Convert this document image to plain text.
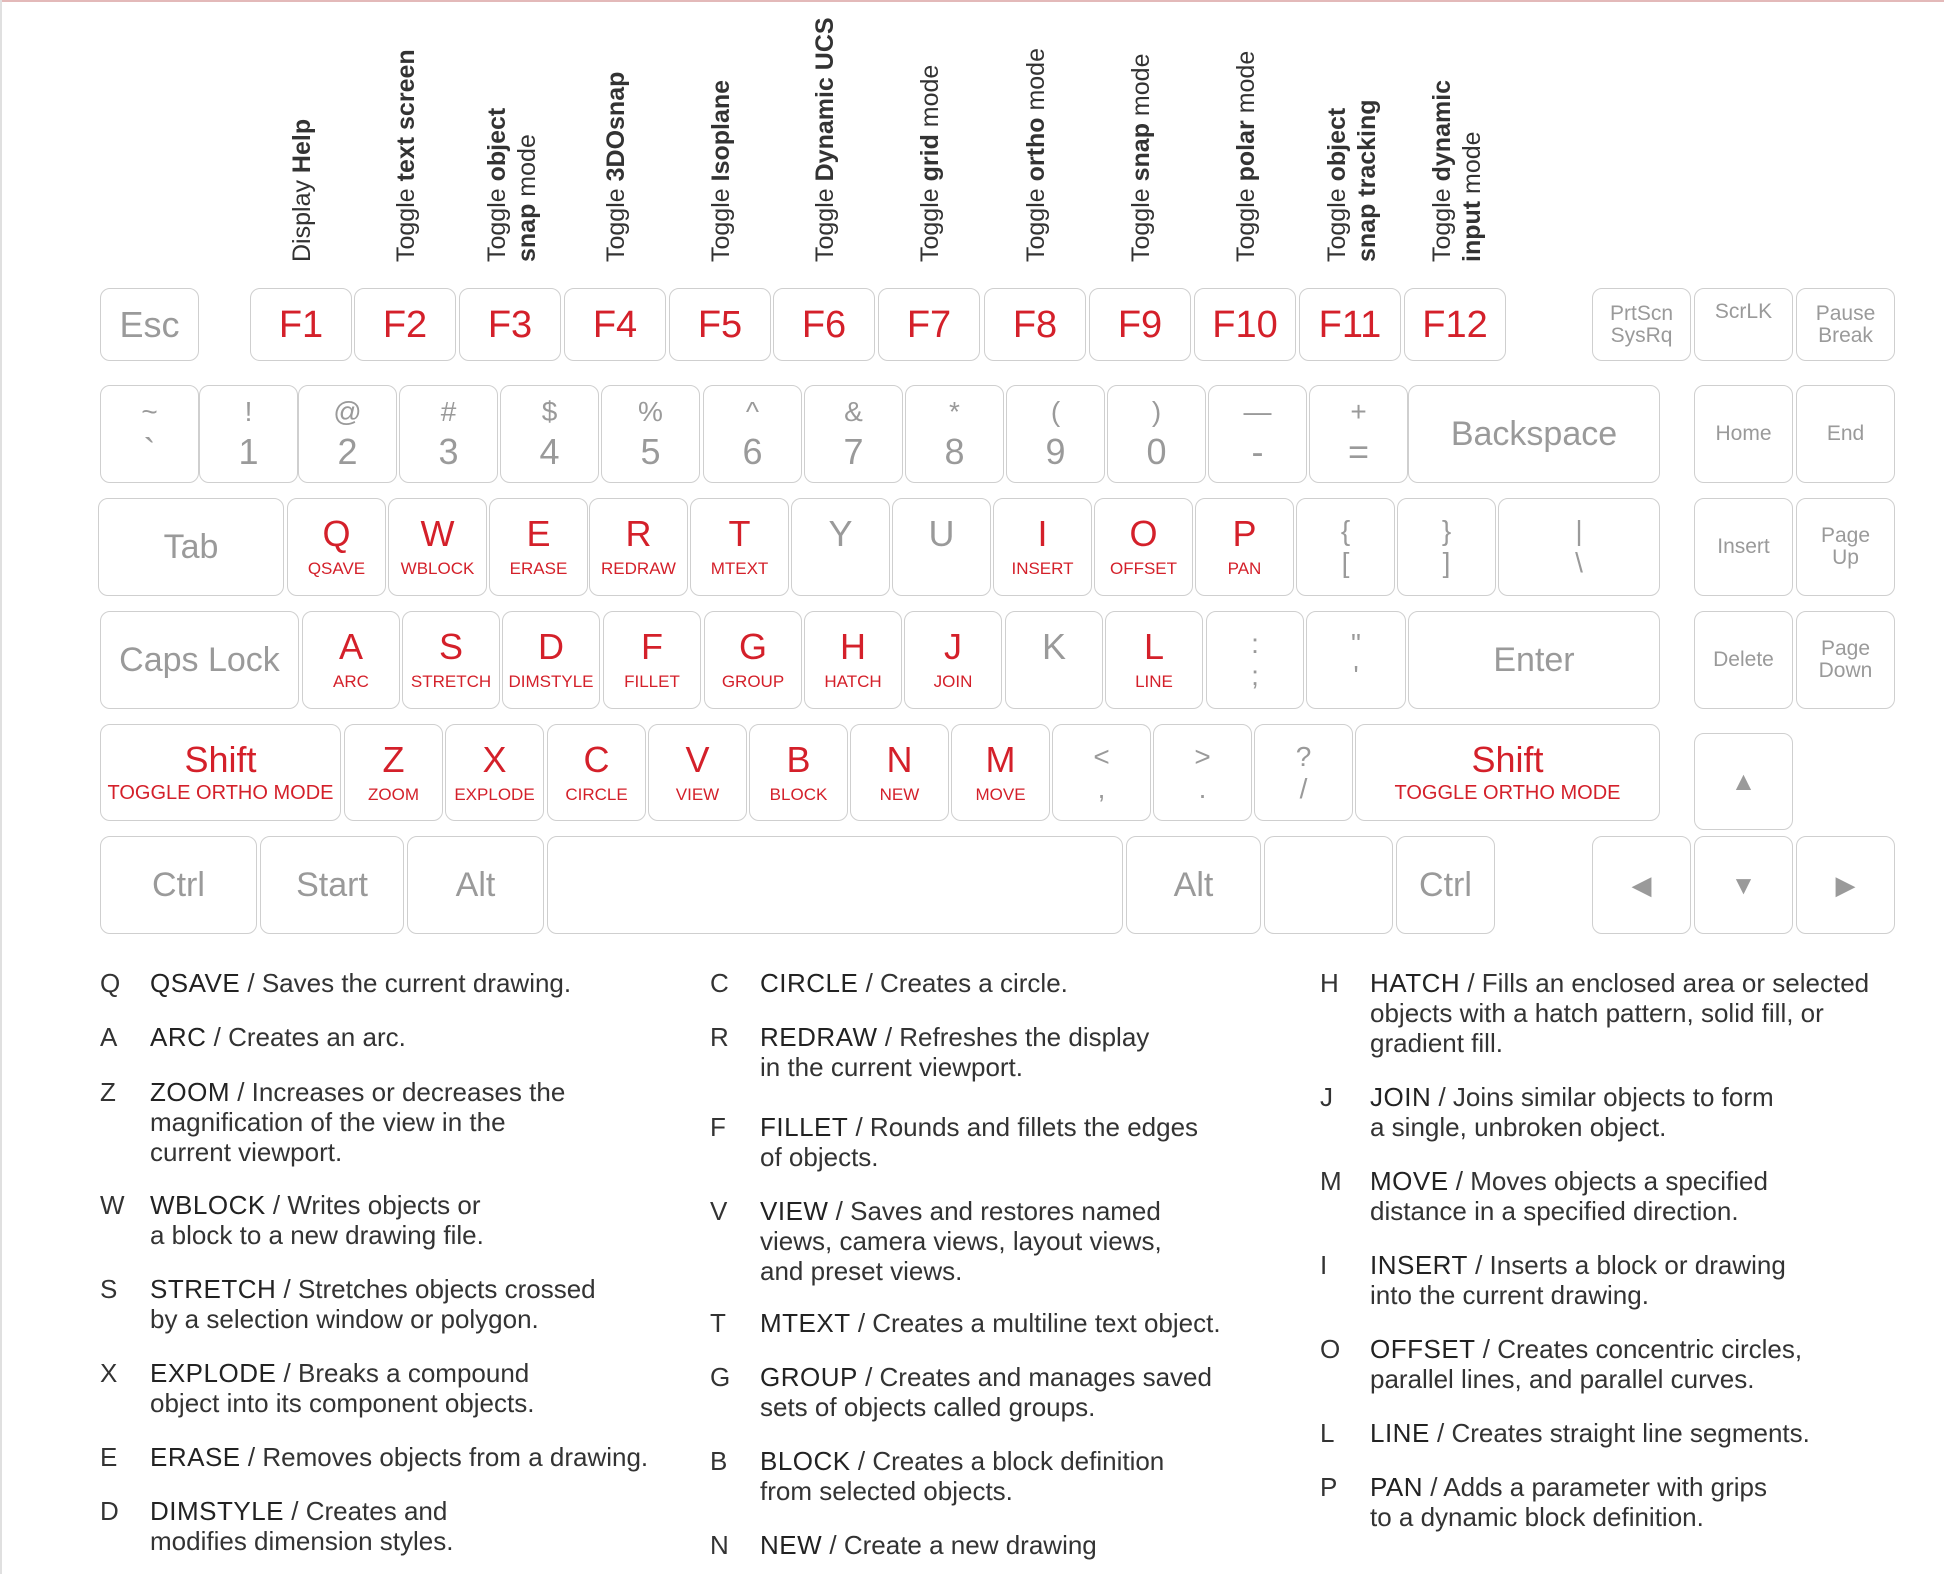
Display Help
Toggle text screen
Toggle object
snap mode
Toggle 3DOsnap
Toggle Isoplane
Toggle Dynamic UCS
Toggle grid mode
Toggle ortho mode
Toggle snap mode
Toggle polar mode
Toggle object snap tracking Toggle dynamic
input mode
Esc	F1 F2 F3 F4 F5 F6 F7 F8 F9 F10 F11 F12	PrtScn
SysRq
ScrLK Pause
Break
~
`
!
1
@
2
#
3
$
4
%
5
^
6
&
7
*
8
(
9
)
0
—
-
+
= Backspace	Home	End
Tab	Q
QSAVE
W
WBLOCK
E
ERASE
R
REDRAW
T
MTEXT
Y
U
I
INSERT
O
OFFSET
P
PAN
{
[
}
]
|
\
Insert Page
Up
Caps Lock A
ARC
S
STRETCH
D
DIMSTYLE
F
FILLET
G
GROUP
H
HATCH
J
JOIN
K
L
LINE
:
;
"
'	Enter	Delete Page
Down
Shift
TOGGLE ORTHO MODE
Z
ZOOM
X
EXPLODE
C
CIRCLE
V
VIEW
B
BLOCK
N
NEW
M
MOVE
<
,
>
.
?
/
Shift
TOGGLE ORTHO MODE	▲
Ctrl	Start	Alt	Alt	Ctrl	◀	▼	▶
Q	QSAVE / Saves the current drawing.
A	ARC / Creates an arc.
Z	ZOOM / Increases or decreases the
magnification of the view in the
current viewport.
W WBLOCK / Writes objects or
a block to a new drawing file.
S	STRETCH / Stretches objects crossed
by a selection window or polygon.
X	EXPLODE / Breaks a compound
object into its component objects.
E	ERASE / Removes objects from a drawing.
D	DIMSTYLE / Creates and
modifies dimension styles.
C	CIRCLE / Creates a circle.
R	REDRAW / Refreshes the display
in the current viewport.
F	FILLET / Rounds and fillets the edges
of objects.
V	VIEW / Saves and restores named
views, camera views, layout views,
and preset views.
T	MTEXT / Creates a multiline text object.
G	GROUP / Creates and manages saved
sets of objects called groups.
B	BLOCK / Creates a block definition
from selected objects.
N	NEW / Create a new drawing
H	HATCH / Fills an enclosed area or selected
objects with a hatch pattern, solid fill, or
gradient fill.
J	JOIN / Joins similar objects to form
a single, unbroken object.
M	MOVE / Moves objects a specified
distance in a specified direction.
I	INSERT / Inserts a block or drawing
into the current drawing.
O	OFFSET / Creates concentric circles,
parallel lines, and parallel curves.
L	LINE / Creates straight line segments.
P	PAN / Adds a parameter with grips
to a dynamic block definition.
